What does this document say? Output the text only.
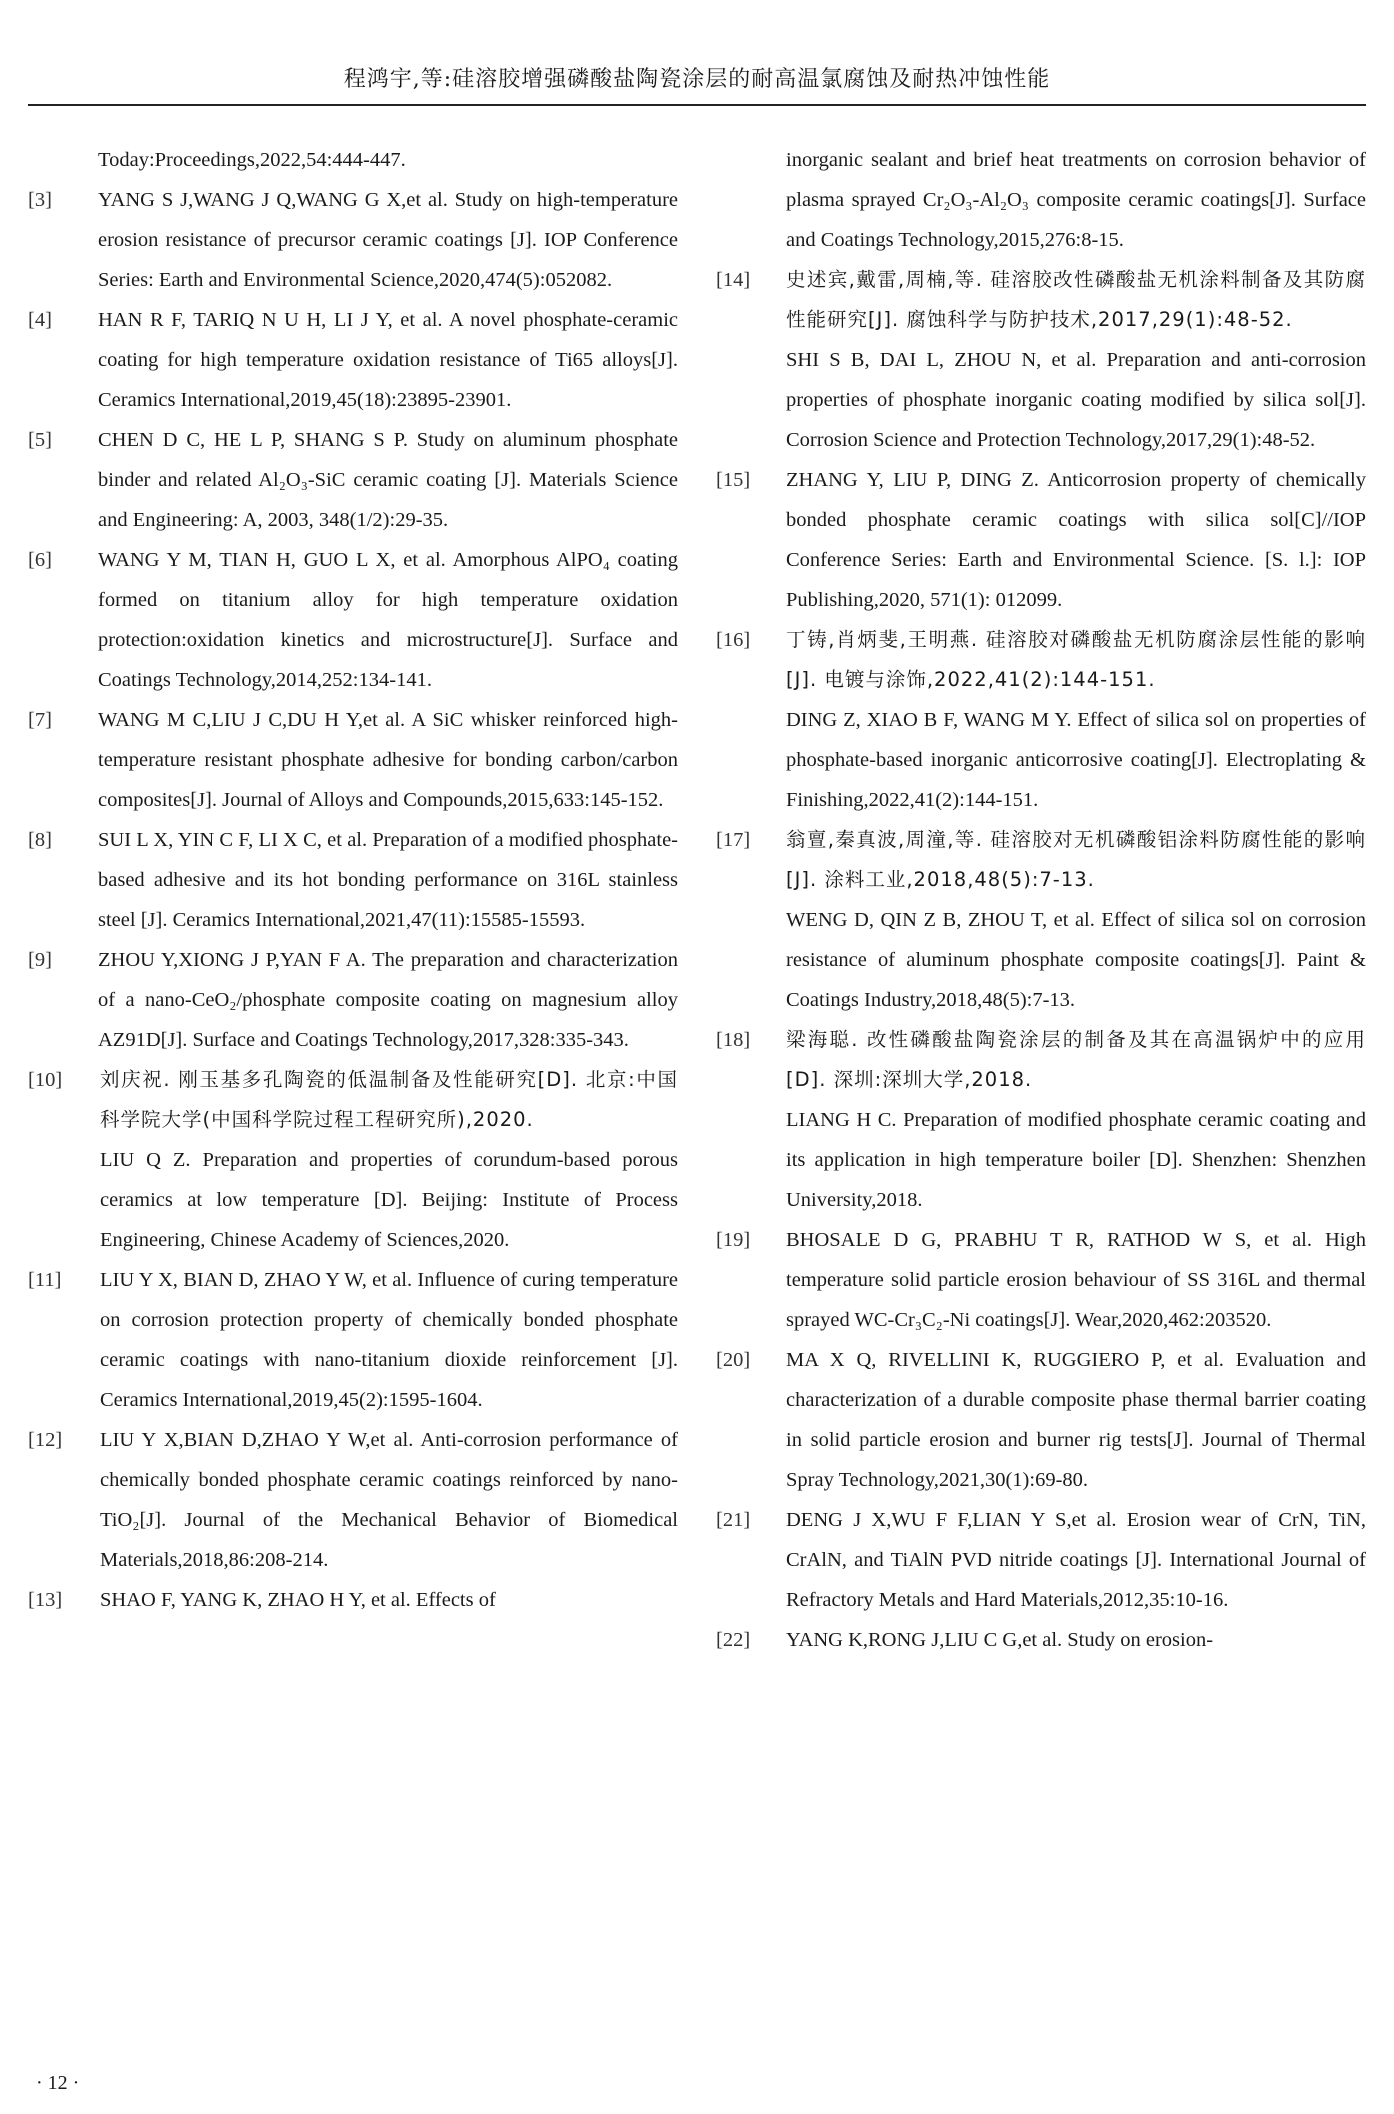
程鸿宇,等:硅溶胶增强磷酸盐陶瓷涂层的耐高温氯腐蚀及耐热冲蚀性能
Today:Proceedings,2022,54:444-447.
[3]	YANG S J,WANG J Q,WANG G X,et al. Study on high-temperature erosion resistance of precursor ceramic coatings [J]. IOP Conference Series: Earth and Environmental Science,2020,474(5):052082.
[4]	HAN R F, TARIQ N U H, LI J Y, et al. A novel phosphate-ceramic coating for high temperature oxidation resistance of Ti65 alloys[J]. Ceramics International,2019,45(18):23895-23901.
[5]	CHEN D C, HE L P, SHANG S P. Study on aluminum phosphate binder and related Al₂O₃-SiC ceramic coating [J]. Materials Science and Engineering: A, 2003, 348(1/2):29-35.
[6]	WANG Y M, TIAN H, GUO L X, et al. Amorphous AlPO₄ coating formed on titanium alloy for high temperature oxidation protection:oxidation kinetics and microstructure[J]. Surface and Coatings Technology,2014,252:134-141.
[7]	WANG M C,LIU J C,DU H Y,et al. A SiC whisker reinforced high-temperature resistant phosphate adhesive for bonding carbon/carbon composites[J]. Journal of Alloys and Compounds,2015,633:145-152.
[8]	SUI L X, YIN C F, LI X C, et al. Preparation of a modified phosphate-based adhesive and its hot bonding performance on 316L stainless steel [J]. Ceramics International,2021,47(11):15585-15593.
[9]	ZHOU Y,XIONG J P,YAN F A. The preparation and characterization of a nano-CeO₂/phosphate composite coating on magnesium alloy AZ91D[J]. Surface and Coatings Technology,2017,328:335-343.
[10]	刘庆祝. 刚玉基多孔陶瓷的低温制备及性能研究[D]. 北京:中国科学院大学(中国科学院过程工程研究所),2020.
LIU Q Z. Preparation and properties of corundum-based porous ceramics at low temperature [D]. Beijing: Institute of Process Engineering, Chinese Academy of Sciences,2020.
[11]	LIU Y X, BIAN D, ZHAO Y W, et al. Influence of curing temperature on corrosion protection property of chemically bonded phosphate ceramic coatings with nano-titanium dioxide reinforcement [J]. Ceramics International,2019,45(2):1595-1604.
[12]	LIU Y X,BIAN D,ZHAO Y W,et al. Anti-corrosion performance of chemically bonded phosphate ceramic coatings reinforced by nano-TiO₂[J]. Journal of the Mechanical Behavior of Biomedical Materials,2018,86:208-214.
[13]	SHAO F, YANG K, ZHAO H Y, et al. Effects of
inorganic sealant and brief heat treatments on corrosion behavior of plasma sprayed Cr₂O₃-Al₂O₃ composite ceramic coatings[J]. Surface and Coatings Technology,2015,276:8-15.
[14]	史述宾,戴雷,周楠,等. 硅溶胶改性磷酸盐无机涂料制备及其防腐性能研究[J]. 腐蚀科学与防护技术,2017,29(1):48-52.
SHI S B, DAI L, ZHOU N, et al. Preparation and anti-corrosion properties of phosphate inorganic coating modified by silica sol[J]. Corrosion Science and Protection Technology,2017,29(1):48-52.
[15]	ZHANG Y, LIU P, DING Z. Anticorrosion property of chemically bonded phosphate ceramic coatings with silica sol[C]//IOP Conference Series: Earth and Environmental Science. [S. l.]: IOP Publishing,2020, 571(1): 012099.
[16]	丁铸,肖炳斐,王明燕. 硅溶胶对磷酸盐无机防腐涂层性能的影响[J]. 电镀与涂饰,2022,41(2):144-151.
DING Z, XIAO B F, WANG M Y. Effect of silica sol on properties of phosphate-based inorganic anticorrosive coating[J]. Electroplating & Finishing,2022,41(2):144-151.
[17]	翁亶,秦真波,周潼,等. 硅溶胶对无机磷酸铝涂料防腐性能的影响[J]. 涂料工业,2018,48(5):7-13.
WENG D, QIN Z B, ZHOU T, et al. Effect of silica sol on corrosion resistance of aluminum phosphate composite coatings[J]. Paint & Coatings Industry,2018,48(5):7-13.
[18]	梁海聪. 改性磷酸盐陶瓷涂层的制备及其在高温锅炉中的应用[D]. 深圳:深圳大学,2018.
LIANG H C. Preparation of modified phosphate ceramic coating and its application in high temperature boiler [D]. Shenzhen: Shenzhen University,2018.
[19]	BHOSALE D G, PRABHU T R, RATHOD W S, et al. High temperature solid particle erosion behaviour of SS 316L and thermal sprayed WC-Cr₃C₂-Ni coatings[J]. Wear,2020,462:203520.
[20]	MA X Q, RIVELLINI K, RUGGIERO P, et al. Evaluation and characterization of a durable composite phase thermal barrier coating in solid particle erosion and burner rig tests[J]. Journal of Thermal Spray Technology,2021,30(1):69-80.
[21]	DENG J X,WU F F,LIAN Y S,et al. Erosion wear of CrN, TiN, CrAlN, and TiAlN PVD nitride coatings [J]. International Journal of Refractory Metals and Hard Materials,2012,35:10-16.
[22]	YANG K,RONG J,LIU C G,et al. Study on erosion-
· 12 ·
